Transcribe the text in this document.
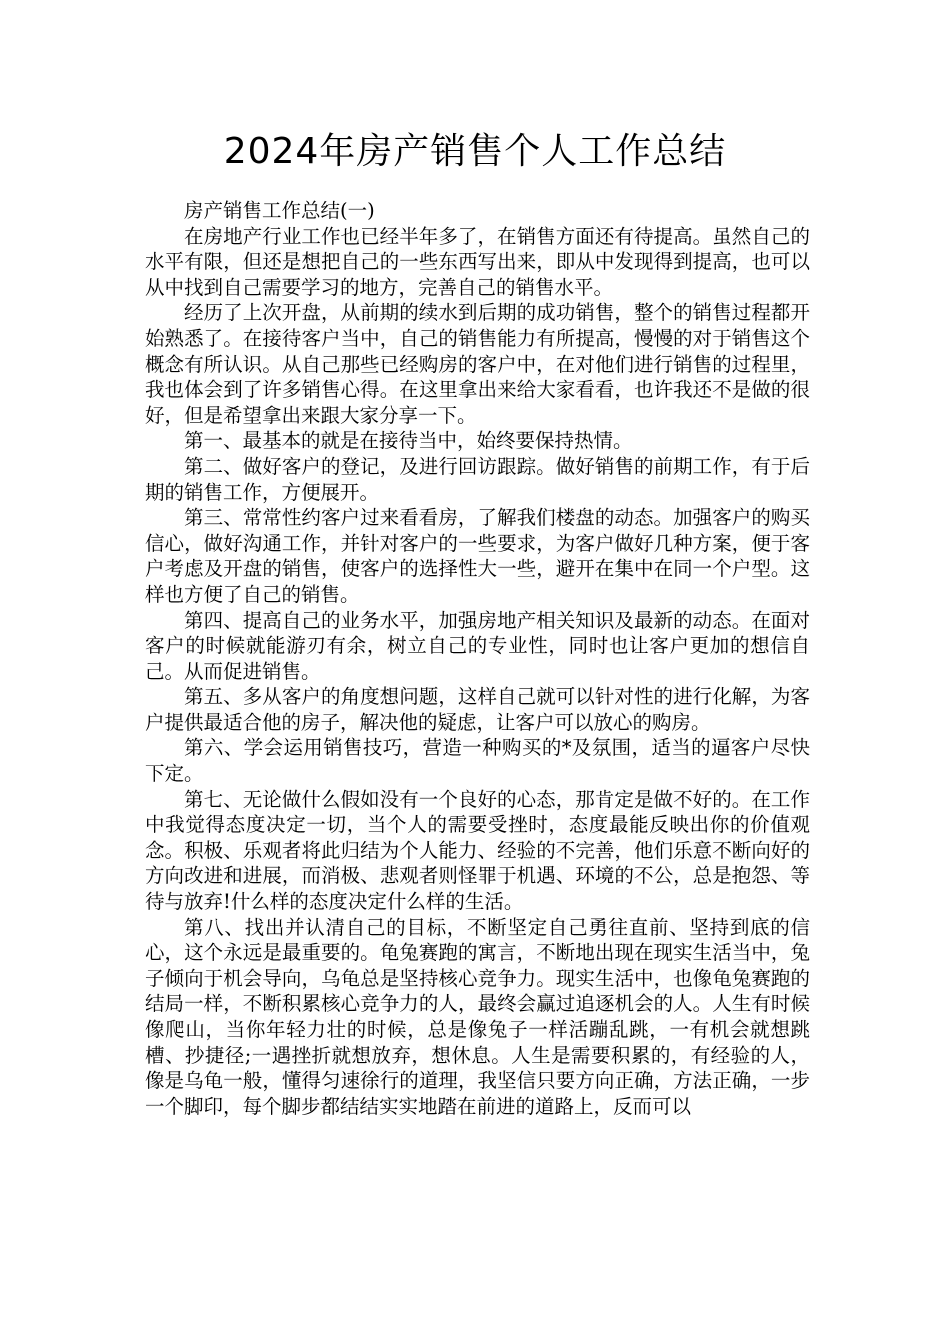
2024年房产销售个人工作总结

房产销售工作总结(一)

在房地产行业工作也已经半年多了，在销售方面还有待提高。虽然自己的水平有限，但还是想把自己的一些东西写出来，即从中发现得到提高，也可以从中找到自己需要学习的地方，完善自己的销售水平。

经历了上次开盘，从前期的续水到后期的成功销售，整个的销售过程都开始熟悉了。在接待客户当中，自己的销售能力有所提高，慢慢的对于销售这个概念有所认识。从自己那些已经购房的客户中，在对他们进行销售的过程里，我也体会到了许多销售心得。在这里拿出来给大家看看，也许我还不是做的很好，但是希望拿出来跟大家分享一下。

第一、最基本的就是在接待当中，始终要保持热情。

第二、做好客户的登记，及进行回访跟踪。做好销售的前期工作，有于后期的销售工作，方便展开。

第三、常常性约客户过来看看房，了解我们楼盘的动态。加强客户的购买信心，做好沟通工作，并针对客户的一些要求，为客户做好几种方案，便于客户考虑及开盘的销售，使客户的选择性大一些，避开在集中在同一个户型。这样也方便了自己的销售。

第四、提高自己的业务水平，加强房地产相关知识及最新的动态。在面对客户的时候就能游刃有余，树立自己的专业性，同时也让客户更加的想信自己。从而促进销售。

第五、多从客户的角度想问题，这样自己就可以针对性的进行化解，为客户提供最适合他的房子，解决他的疑虑，让客户可以放心的购房。

第六、学会运用销售技巧，营造一种购买的*及氛围，适当的逼客户尽快下定。

第七、无论做什么假如没有一个良好的心态，那肯定是做不好的。在工作中我觉得态度决定一切，当个人的需要受挫时，态度最能反映出你的价值观念。积极、乐观者将此归结为个人能力、经验的不完善，他们乐意不断向好的方向改进和进展，而消极、悲观者则怪罪于机遇、环境的不公，总是抱怨、等待与放弃!什么样的态度决定什么样的生活。

第八、找出并认清自己的目标，不断坚定自己勇往直前、坚持到底的信心，这个永远是最重要的。龟兔赛跑的寓言，不断地出现在现实生活当中，兔子倾向于机会导向，乌龟总是坚持核心竞争力。现实生活中，也像龟兔赛跑的结局一样，不断积累核心竞争力的人，最终会赢过追逐机会的人。人生有时候像爬山，当你年轻力壮的时候，总是像兔子一样活蹦乱跳，一有机会就想跳槽、抄捷径;一遇挫折就想放弃，想休息。人生是需要积累的，有经验的人，像是乌龟一般，懂得匀速徐行的道理，我坚信只要方向正确，方法正确，一步一个脚印，每个脚步都结结实实地踏在前进的道路上，反而可以
